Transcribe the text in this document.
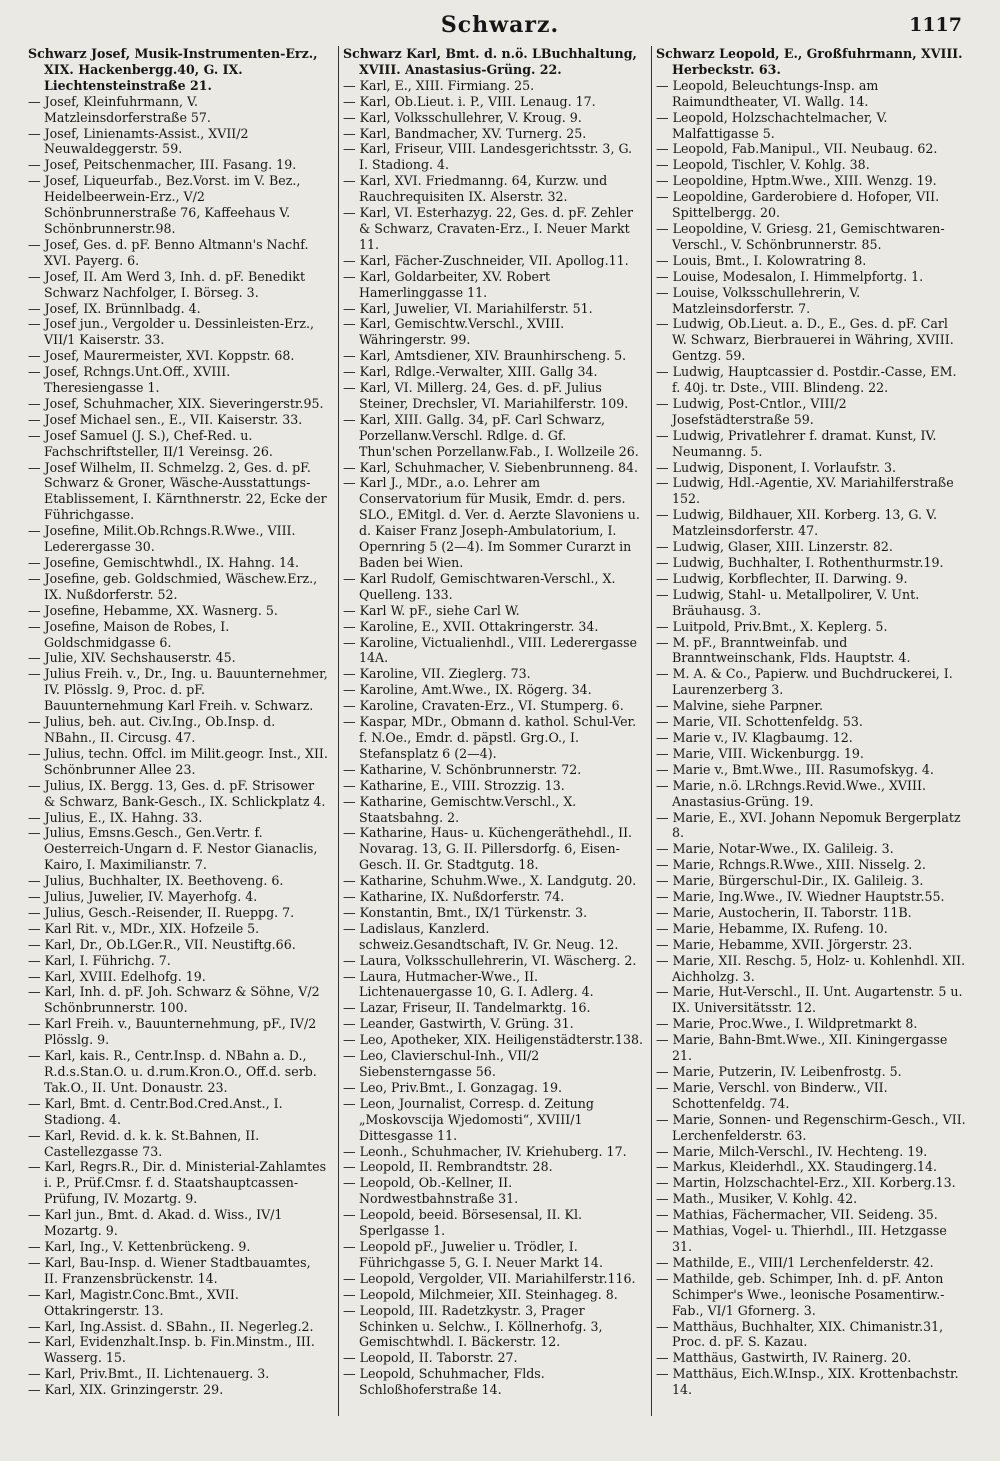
Schwarz.	1117

Schwarz Josef, Musik-Instrumenten-Erz., XIX. Hackenbergg.40, G. IX. Liechtensteinstraße 21.

— Josef, Kleinfuhrmann, V. Matzleinsdorferstraße 57.

— Josef, Linienamts-Assist., XVII/2 Neuwaldeggerstr. 59.

— Josef, Peitschenmacher, III. Fasang. 19.

— Josef, Liqueurfab., Bez.Vorst. im V. Bez., Heidelbeerwein-Erz., V/2 Schönbrunnerstraße 76, Kaffeehaus V. Schönbrunnerstr.98.

— Josef, Ges. d. pF. Benno Altmann's Nachf. XVI. Payerg. 6.

— Josef, II. Am Werd 3, Inh. d. pF. Benedikt Schwarz Nachfolger, I. Börseg. 3.

— Josef, IX. Brünnlbadg. 4.

— Josef jun., Vergolder u. Dessinleisten-Erz., VII/1 Kaiserstr. 33.

— Josef, Maurermeister, XVI. Koppstr. 68.

— Josef, Rchngs.Unt.Off., XVIII. Theresiengasse 1.

— Josef, Schuhmacher, XIX. Sieveringerstr.95.

— Josef Michael sen., E., VII. Kaiserstr. 33.

— Josef Samuel (J. S.), Chef-Red. u. Fachschriftsteller, II/1 Vereinsg. 26.

— Josef Wilhelm, II. Schmelzg. 2, Ges. d. pF. Schwarz & Groner, Wäsche-Ausstattungs-Etablissement, I. Kärnthnerstr. 22, Ecke der Führichgasse.

— Josefine, Milit.Ob.Rchngs.R.Wwe., VIII. Lederergasse 30.

— Josefine, Gemischtwhdl., IX. Hahng. 14.

— Josefine, geb. Goldschmied, Wäschew.Erz., IX. Nußdorferstr. 52.

— Josefine, Hebamme, XX. Wasnerg. 5.

— Josefine, Maison de Robes, I. Goldschmidgasse 6.

— Julie, XIV. Sechshauserstr. 45.

— Julius Freih. v., Dr., Ing. u. Bauunternehmer, IV. Plösslg. 9, Proc. d. pF. Bauunternehmung Karl Freih. v. Schwarz.

— Julius, beh. aut. Civ.Ing., Ob.Insp. d. NBahn., II. Circusg. 47.

— Julius, techn. Offcl. im Milit.geogr. Inst., XII. Schönbrunner Allee 23.

— Julius, IX. Bergg. 13, Ges. d. pF. Strisower & Schwarz, Bank-Gesch., IX. Schlickplatz 4.

— Julius, E., IX. Hahng. 33.

— Julius, Emsns.Gesch., Gen.Vertr. f. Oesterreich-Ungarn d. F. Nestor Gianaclis, Kairo, I. Maximilianstr. 7.

— Julius, Buchhalter, IX. Beethoveng. 6.

— Julius, Juwelier, IV. Mayerhofg. 4.

— Julius, Gesch.-Reisender, II. Rueppg. 7.

— Karl Rit. v., MDr., XIX. Hofzeile 5.

— Karl, Dr., Ob.LGer.R., VII. Neustiftg.66.

— Karl, I. Führichg. 7.

— Karl, XVIII. Edelhofg. 19.

— Karl, Inh. d. pF. Joh. Schwarz & Söhne, V/2 Schönbrunnerstr. 100.

— Karl Freih. v., Bauunternehmung, pF., IV/2 Plösslg. 9.

— Karl, kais. R., Centr.Insp. d. NBahn a. D., R.d.s.Stan.O. u. d.rum.Kron.O., Off.d. serb. Tak.O., II. Unt. Donaustr. 23.

— Karl, Bmt. d. Centr.Bod.Cred.Anst., I. Stadiong. 4.

— Karl, Revid. d. k. k. St.Bahnen, II. Castellezgasse 73.

— Karl, Regrs.R., Dir. d. Ministerial-Zahlamtes i. P., Prüf.Cmsr. f. d. Staatshauptcassen-Prüfung, IV. Mozartg. 9.

— Karl jun., Bmt. d. Akad. d. Wiss., IV/1 Mozartg. 9.

— Karl, Ing., V. Kettenbrückeng. 9.

— Karl, Bau-Insp. d. Wiener Stadtbauamtes, II. Franzensbrückenstr. 14.

— Karl, Magistr.Conc.Bmt., XVII. Ottakringerstr. 13.

— Karl, Ing.Assist. d. SBahn., II. Negerleg.2.

— Karl, Evidenzhalt.Insp. b. Fin.Minstm., III. Wasserg. 15.

— Karl, Priv.Bmt., II. Lichtenauerg. 3.

— Karl, XIX. Grinzingerstr. 29.

Schwarz Karl, Bmt. d. n.ö. LBuchhaltung, XVIII. Anastasius-Grüng. 22.

— Karl, E., XIII. Firmiang. 25.

— Karl, Ob.Lieut. i. P., VIII. Lenaug. 17.

— Karl, Volksschullehrer, V. Kroug. 9.

— Karl, Bandmacher, XV. Turnerg. 25.

— Karl, Friseur, VIII. Landesgerichtsstr. 3, G. I. Stadiong. 4.

— Karl, XVI. Friedmanng. 64, Kurzw. und Rauchrequisiten IX. Alserstr. 32.

— Karl, VI. Esterhazyg. 22, Ges. d. pF. Zehler & Schwarz, Cravaten-Erz., I. Neuer Markt 11.

— Karl, Fächer-Zuschneider, VII. Apollog.11.

— Karl, Goldarbeiter, XV. Robert Hamerlinggasse 11.

— Karl, Juwelier, VI. Mariahilferstr. 51.

— Karl, Gemischtw.Verschl., XVIII. Währingerstr. 99.

— Karl, Amtsdiener, XIV. Braunhirscheng. 5.

— Karl, Rdlge.-Verwalter, XIII. Gallg 34.

— Karl, VI. Millerg. 24, Ges. d. pF. Julius Steiner, Drechsler, VI. Mariahilferstr. 109.

— Karl, XIII. Gallg. 34, pF. Carl Schwarz, Porzellanw.Verschl. Rdlge. d. Gf. Thun'schen Porzellanw.Fab., I. Wollzeile 26.

— Karl, Schuhmacher, V. Siebenbrunneng. 84.

— Karl J., MDr., a.o. Lehrer am Conservatorium für Musik, Emdr. d. pers. SLO., EMitgl. d. Ver. d. Aerzte Slavoniens u. d. Kaiser Franz Joseph-Ambulatorium, I. Opernring 5 (2—4). Im Sommer Curarzt in Baden bei Wien.

— Karl Rudolf, Gemischtwaren-Verschl., X. Quelleng. 133.

— Karl W. pF., siehe Carl W.

— Karoline, E., XVII. Ottakringerstr. 34.

— Karoline, Victualienhdl., VIII. Lederergasse 14A.

— Karoline, VII. Zieglerg. 73.

— Karoline, Amt.Wwe., IX. Rögerg. 34.

— Karoline, Cravaten-Erz., VI. Stumperg. 6.

— Kaspar, MDr., Obmann d. kathol. Schul-Ver. f. N.Oe., Emdr. d. päpstl. Grg.O., I. Stefansplatz 6 (2—4).

— Katharine, V. Schönbrunnerstr. 72.

— Katharine, E., VIII. Strozzig. 13.

— Katharine, Gemischtw.Verschl., X. Staatsbahng. 2.

— Katharine, Haus- u. Küchengeräthehdl., II. Novarag. 13, G. II. Pillersdorfg. 6, Eisen-Gesch. II. Gr. Stadtgutg. 18.

— Katharine, Schuhm.Wwe., X. Landgutg. 20.

— Katharine, IX. Nußdorferstr. 74.

— Konstantin, Bmt., IX/1 Türkenstr. 3.

— Ladislaus, Kanzlerd. schweiz.Gesandtschaft, IV. Gr. Neug. 12.

— Laura, Volksschullehrerin, VI. Wäscherg. 2.

— Laura, Hutmacher-Wwe., II. Lichtenauergasse 10, G. I. Adlerg. 4.

— Lazar, Friseur, II. Tandelmarktg. 16.

— Leander, Gastwirth, V. Grüng. 31.

— Leo, Apotheker, XIX. Heiligenstädterstr.138.

— Leo, Clavierschul-Inh., VII/2 Siebensterngasse 56.

— Leo, Priv.Bmt., I. Gonzagag. 19.

— Leon, Journalist, Corresp. d. Zeitung „Moskovscija Wjedomosti“, XVIII/1 Dittesgasse 11.

— Leonh., Schuhmacher, IV. Kriehuberg. 17.

— Leopold, II. Rembrandtstr. 28.

— Leopold, Ob.-Kellner, II. Nordwestbahnstraße 31.

— Leopold, beeid. Börsesensal, II. Kl. Sperlgasse 1.

— Leopold pF., Juwelier u. Trödler, I. Führichgasse 5, G. I. Neuer Markt 14.

— Leopold, Vergolder, VII. Mariahilferstr.116.

— Leopold, Milchmeier, XII. Steinhageg. 8.

— Leopold, III. Radetzkystr. 3, Prager Schinken u. Selchw., I. Köllnerhofg. 3, Gemischtwhdl. I. Bäckerstr. 12.

— Leopold, II. Taborstr. 27.

— Leopold, Schuhmacher, Flds. Schloßhoferstraße 14.

Schwarz Leopold, E., Großfuhrmann, XVIII. Herbeckstr. 63.

— Leopold, Beleuchtungs-Insp. am Raimundtheater, VI. Wallg. 14.

— Leopold, Holzschachtelmacher, V. Malfattigasse 5.

— Leopold, Fab.Manipul., VII. Neubaug. 62.

— Leopold, Tischler, V. Kohlg. 38.

— Leopoldine, Hptm.Wwe., XIII. Wenzg. 19.

— Leopoldine, Garderobiere d. Hofoper, VII. Spittelbergg. 20.

— Leopoldine, V. Griesg. 21, Gemischtwaren-Verschl., V. Schönbrunnerstr. 85.

— Louis, Bmt., I. Kolowratring 8.

— Louise, Modesalon, I. Himmelpfortg. 1.

— Louise, Volksschullehrerin, V. Matzleinsdorferstr. 7.

— Ludwig, Ob.Lieut. a. D., E., Ges. d. pF. Carl W. Schwarz, Bierbrauerei in Währing, XVIII. Gentzg. 59.

— Ludwig, Hauptcassier d. Postdir.-Casse, EM. f. 40j. tr. Dste., VIII. Blindeng. 22.

— Ludwig, Post-Cntlor., VIII/2 Josefstädterstraße 59.

— Ludwig, Privatlehrer f. dramat. Kunst, IV. Neumanng. 5.

— Ludwig, Disponent, I. Vorlaufstr. 3.

— Ludwig, Hdl.-Agentie, XV. Mariahilferstraße 152.

— Ludwig, Bildhauer, XII. Korberg. 13, G. V. Matzleinsdorferstr. 47.

— Ludwig, Glaser, XIII. Linzerstr. 82.

— Ludwig, Buchhalter, I. Rothenthurmstr.19.

— Ludwig, Korbflechter, II. Darwing. 9.

— Ludwig, Stahl- u. Metallpolirer, V. Unt. Bräuhausg. 3.

— Luitpold, Priv.Bmt., X. Keplerg. 5.

— M. pF., Branntweinfab. und Branntweinschank, Flds. Hauptstr. 4.

— M. A. & Co., Papierw. und Buchdruckerei, I. Laurenzerberg 3.

— Malvine, siehe Parpner.

— Marie, VII. Schottenfeldg. 53.

— Marie v., IV. Klagbaumg. 12.

— Marie, VIII. Wickenburgg. 19.

— Marie v., Bmt.Wwe., III. Rasumofskyg. 4.

— Marie, n.ö. LRchngs.Revid.Wwe., XVIII. Anastasius-Grüng. 19.

— Marie, E., XVI. Johann Nepomuk Bergerplatz 8.

— Marie, Notar-Wwe., IX. Galileig. 3.

— Marie, Rchngs.R.Wwe., XIII. Nisselg. 2.

— Marie, Bürgerschul-Dir., IX. Galileig. 3.

— Marie, Ing.Wwe., IV. Wiedner Hauptstr.55.

— Marie, Austocherin, II. Taborstr. 11B.

— Marie, Hebamme, IX. Rufeng. 10.

— Marie, Hebamme, XVII. Jörgerstr. 23.

— Marie, XII. Reschg. 5, Holz- u. Kohlenhdl. XII. Aichholzg. 3.

— Marie, Hut-Verschl., II. Unt. Augartenstr. 5 u. IX. Universitätsstr. 12.

— Marie, Proc.Wwe., I. Wildpretmarkt 8.

— Marie, Bahn-Bmt.Wwe., XII. Kiningergasse 21.

— Marie, Putzerin, IV. Leibenfrostg. 5.

— Marie, Verschl. von Binderw., VII. Schottenfeldg. 74.

— Marie, Sonnen- und Regenschirm-Gesch., VII. Lerchenfelderstr. 63.

— Marie, Milch-Verschl., IV. Hechteng. 19.

— Markus, Kleiderhdl., XX. Staudingerg.14.

— Martin, Holzschachtel-Erz., XII. Korberg.13.

— Math., Musiker, V. Kohlg. 42.

— Mathias, Fächermacher, VII. Seideng. 35.

— Mathias, Vogel- u. Thierhdl., III. Hetzgasse 31.

— Mathilde, E., VIII/1 Lerchenfelderstr. 42.

— Mathilde, geb. Schimper, Inh. d. pF. Anton Schimper's Wwe., leonische Posamentirw.-Fab., VI/1 Gfornerg. 3.

— Matthäus, Buchhalter, XIX. Chimanistr.31, Proc. d. pF. S. Kazau.

— Matthäus, Gastwirth, IV. Rainerg. 20.

— Matthäus, Eich.W.Insp., XIX. Krottenbachstr. 14.
